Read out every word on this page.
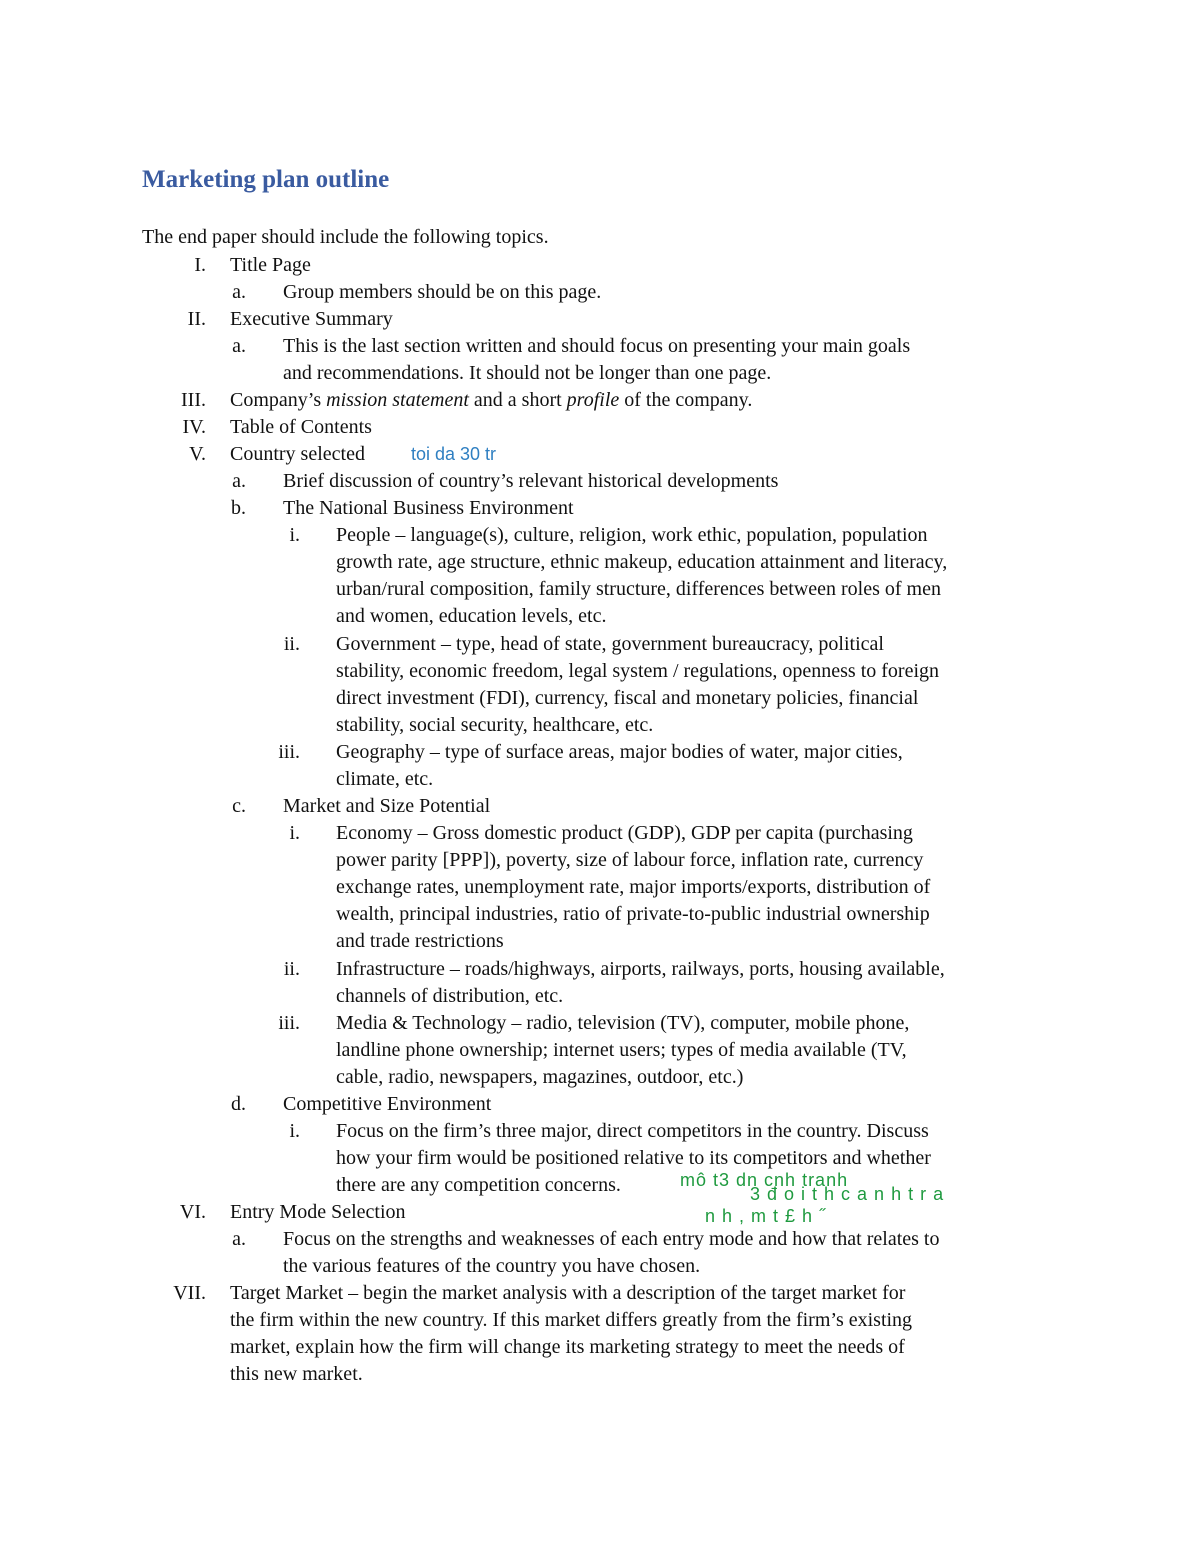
Marketing plan outline
The end paper should include the following topics.
I. Title Page
a. Group members should be on this page.
II. Executive Summary
a. This is the last section written and should focus on presenting your main goals
and recommendations. It should not be longer than one page.
III. Company’s mission statement and a short profile of the company.
IV. Table of Contents
V. Country selected	toi da 30 tr
a. Brief discussion of country’s relevant historical developments
b. The National Business Environment
i. People – language(s), culture, religion, work ethic, population, population
growth rate, age structure, ethnic makeup, education attainment and literacy,
urban/rural composition, family structure, differences between roles of men
and women, education levels, etc.
ii. Government – type, head of state, government bureaucracy, political
stability, economic freedom, legal system / regulations, openness to foreign
direct investment (FDI), currency, fiscal and monetary policies, financial
stability, social security, healthcare, etc.
iii. Geography – type of surface areas, major bodies of water, major cities,
climate, etc.
c. Market and Size Potential
i. Economy – Gross domestic product (GDP), GDP per capita (purchasing
power parity [PPP]), poverty, size of labour force, inflation rate, currency
exchange rates, unemployment rate, major imports/exports, distribution of
wealth, principal industries, ratio of private-to-public industrial ownership
and trade restrictions
ii. Infrastructure – roads/highways, airports, railways, ports, housing available,
channels of distribution, etc.
iii. Media & Technology – radio, television (TV), computer, mobile phone,
landline phone ownership; internet users; types of media available (TV,
cable, radio, newspapers, magazines, outdoor, etc.)
d. Competitive Environment
i. Focus on the firm’s three major, direct competitors in the country. Discuss
how your firm would be positioned relative to its competitors and whether
there are any competition concerns.	mô t3 dn cnh tranh
3 đ o i t h c a n h t r a
n h , m t £ h ˝
VI. Entry Mode Selection
a. Focus on the strengths and weaknesses of each entry mode and how that relates to
the various features of the country you have chosen.
VII. Target Market – begin the market analysis with a description of the target market for
the firm within the new country. If this market differs greatly from the firm’s existing
market, explain how the firm will change its marketing strategy to meet the needs of
this new market.
